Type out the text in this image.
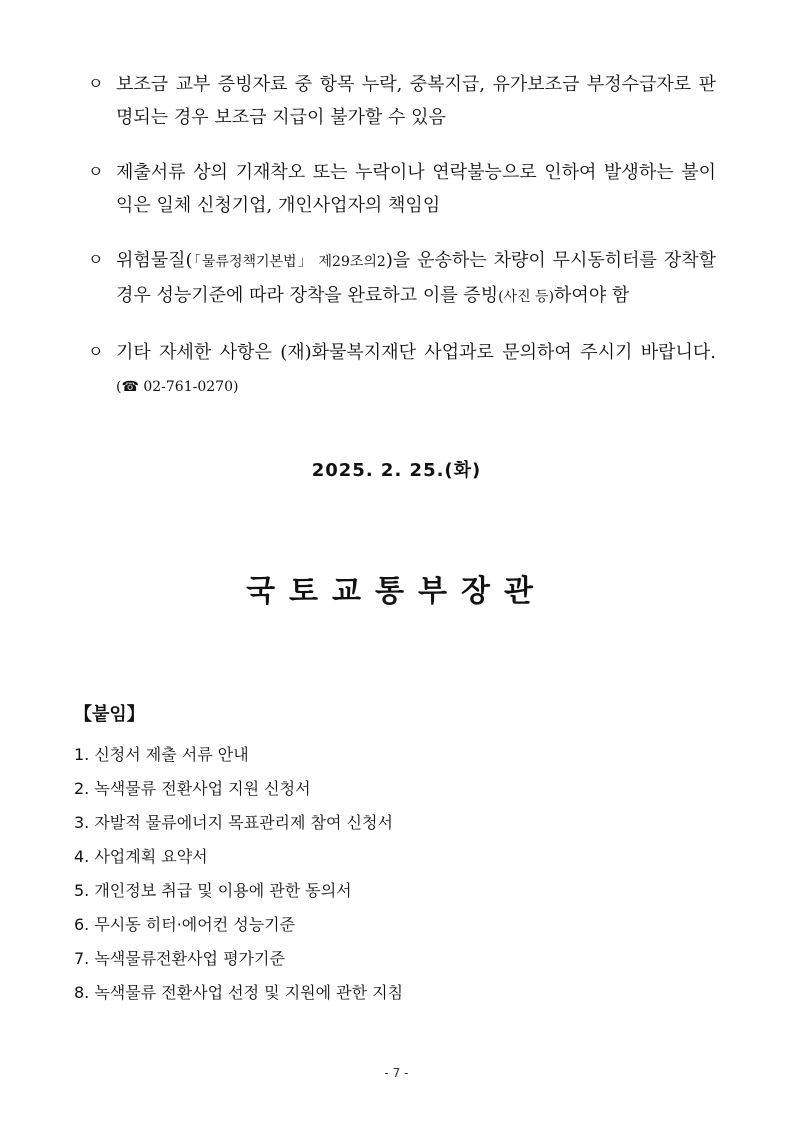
ㅇ 보조금 교부 증빙자료 중 항목 누락, 중복지급, 유가보조금 부정수급자로 판명되는 경우 보조금 지급이 불가할 수 있음
ㅇ 제출서류 상의 기재착오 또는 누락이나 연락불능으로 인하여 발생하는 불이익은 일체 신청기업, 개인사업자의 책임임
ㅇ 위험물질(「물류정책기본법」 제29조의2)을 운송하는 차량이 무시동히터를 장착할 경우 성능기준에 따라 장착을 완료하고 이를 증빙(사진 등)하여야 함
ㅇ 기타 자세한 사항은 (재)화물복지재단 사업과로 문의하여 주시기 바랍니다.(☎ 02-761-0270)
2025. 2. 25.(화)
국토교통부장관
【붙임】
1. 신청서 제출 서류 안내
2. 녹색물류 전환사업 지원 신청서
3. 자발적 물류에너지 목표관리제 참여 신청서
4. 사업계획 요약서
5. 개인정보 취급 및 이용에 관한 동의서
6. 무시동 히터·에어컨 성능기준
7. 녹색물류전환사업 평가기준
8. 녹색물류 전환사업 선정 및 지원에 관한 지침
- 7 -
